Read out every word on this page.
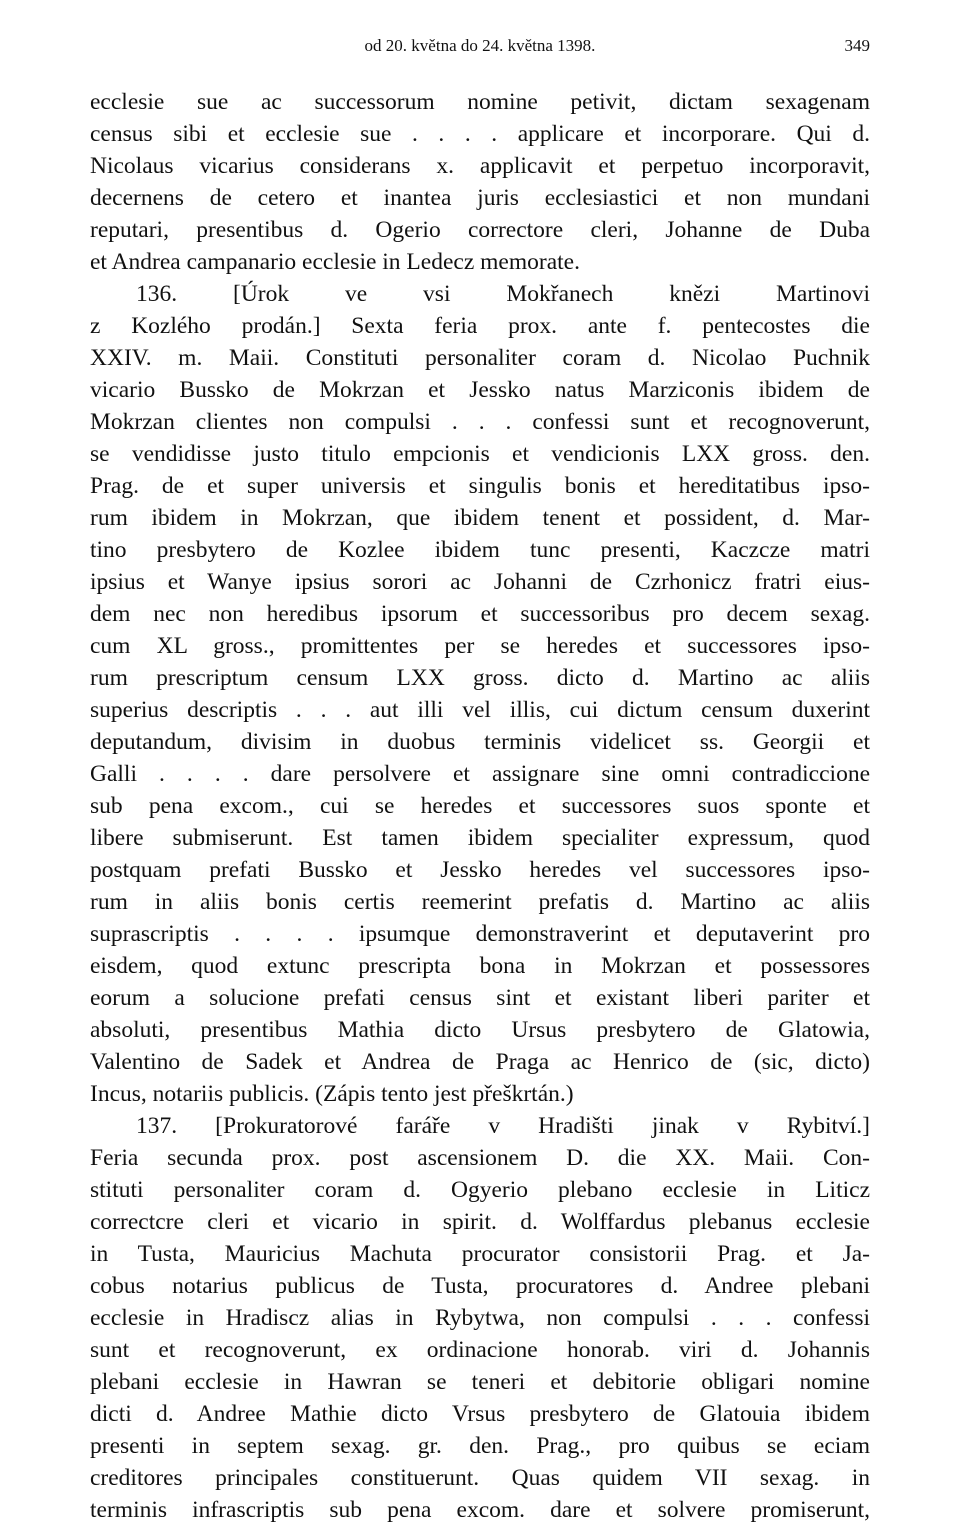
od 20. května do 24. května 1398.	349
ecclesie sue ac successorum nomine petivit, dictam sexagenam
census sibi et ecclesie sue . . . . applicare et incorporare. Qui d.
Nicolaus vicarius considerans x. applicavit et perpetuo incorporavit,
decernens de cetero et inantea juris ecclesiastici et non mundani
reputari, presentibus d. Ogerio correctore cleri, Johanne de Duba
et Andrea campanario ecclesie in Ledecz memorate.
136. [Úrok ve vsi Mokřanech knězi Martinovi
z Kozlého prodán.] Sexta feria prox. ante f. pentecostes die
XXIV. m. Maii. Constituti personaliter coram d. Nicolao Puchnik
vicario Bussko de Mokrzan et Jessko natus Marziconis ibidem de
Mokrzan clientes non compulsi . . . confessi sunt et recognoverunt,
se vendidisse justo titulo empcionis et vendicionis LXX gross. den.
Prag. de et super universis et singulis bonis et hereditatibus ipso-
rum ibidem in Mokrzan, que ibidem tenent et possident, d. Mar-
tino presbytero de Kozlee ibidem tunc presenti, Kaczcze matri
ipsius et Wanye ipsius sorori ac Johanni de Czrhonicz fratri eius-
dem nec non heredibus ipsorum et successoribus pro decem sexag.
cum XL gross., promittentes per se heredes et successores ipso-
rum prescriptum censum LXX gross. dicto d. Martino ac aliis
superius descriptis . . . aut illi vel illis, cui dictum censum duxerint
deputandum, divisim in duobus terminis videlicet ss. Georgii et
Galli . . . . dare persolvere et assignare sine omni contradiccione
sub pena excom., cui se heredes et successores suos sponte et
libere submiserunt. Est tamen ibidem specialiter expressum, quod
postquam prefati Bussko et Jessko heredes vel successores ipso-
rum in aliis bonis certis reemerint prefatis d. Martino ac aliis
suprascriptis . . . . ipsumque demonstraverint et deputaverint pro
eisdem, quod extunc prescripta bona in Mokrzan et possessores
eorum a solucione prefati census sint et existant liberi pariter et
absoluti, presentibus Mathia dicto Ursus presbytero de Glatowia,
Valentino de Sadek et Andrea de Praga ac Henrico de (sic, dicto)
Incus, notariis publicis. (Zápis tento jest přeškrtán.)
137. [Prokuratorové faráře v Hradišti jinak v Rybitví.]
Feria secunda prox. post ascensionem D. die XX. Maii. Con-
stituti personaliter coram d. Ogyerio plebano ecclesie in Liticz
correctcre cleri et vicario in spirit. d. Wolffardus plebanus ecclesie
in Tusta, Mauricius Machuta procurator consistorii Prag. et Ja-
cobus notarius publicus de Tusta, procuratores d. Andree plebani
ecclesie in Hradiscz alias in Rybytwa, non compulsi . . . confessi
sunt et recognoverunt, ex ordinacione honorab. viri d. Johannis
plebani ecclesie in Hawran se teneri et debitorie obligari nomine
dicti d. Andree Mathie dicto Vrsus presbytero de Glatouia ibidem
presenti in septem sexag. gr. den. Prag., pro quibus se eciam
creditores principales constituerunt. Quas quidem VII sexag. in
terminis infrascriptis sub pena excom. dare et solvere promiserunt,
